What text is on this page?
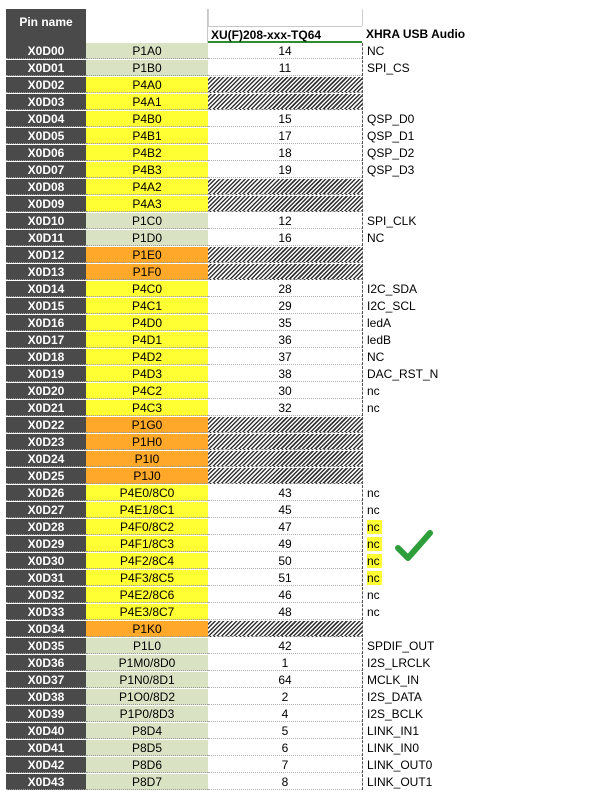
Pin name
XU(F)208-xxx-TQ64	XHRA USB Audio
X0D00	P1A0	14	NC
X0D01	P1B0	11	SPI_CS
X0D02	P4A0
X0D03	P4A1
X0D04	P4B0	15	QSP_D0
X0D05	P4B1	17	QSP_D1
X0D06	P4B2	18	QSP_D2
X0D07	P4B3	19	QSP_D3
X0D08	P4A2
X0D09	P4A3
X0D10	P1C0	12	SPI_CLK
X0D11	P1D0	16	NC
X0D12	P1E0
X0D13	P1F0
X0D14	P4C0	28	I2C_SDA
X0D15	P4C1	29	I2C_SCL
X0D16	P4D0	35	ledA
X0D17	P4D1	36	ledB
X0D18	P4D2	37	NC
X0D19	P4D3	38	DAC_RST_N
X0D20	P4C2	30	nc
X0D21	P4C3	32	nc
X0D22	P1G0
X0D23	P1H0
X0D24	P1I0
X0D25	P1J0
X0D26	P4E0/8C0	43	nc
X0D27	P4E1/8C1	45	nc
X0D28	P4F0/8C2	47	nc
X0D29	P4F1/8C3	49	nc
X0D30	P4F2/8C4	50	nc
X0D31	P4F3/8C5	51	nc
X0D32	P4E2/8C6	46	nc
X0D33	P4E3/8C7	48	nc
X0D34	P1K0
X0D35	P1L0	42	SPDIF_OUT
X0D36	P1M0/8D0	1	I2S_LRCLK
X0D37	P1N0/8D1	64	MCLK_IN
X0D38	P1O0/8D2	2	I2S_DATA
X0D39	P1P0/8D3	4	I2S_BCLK
X0D40	P8D4	5	LINK_IN1
X0D41	P8D5	6	LINK_IN0
X0D42	P8D6	7	LINK_OUT0
X0D43	P8D7	8	LINK_OUT1
